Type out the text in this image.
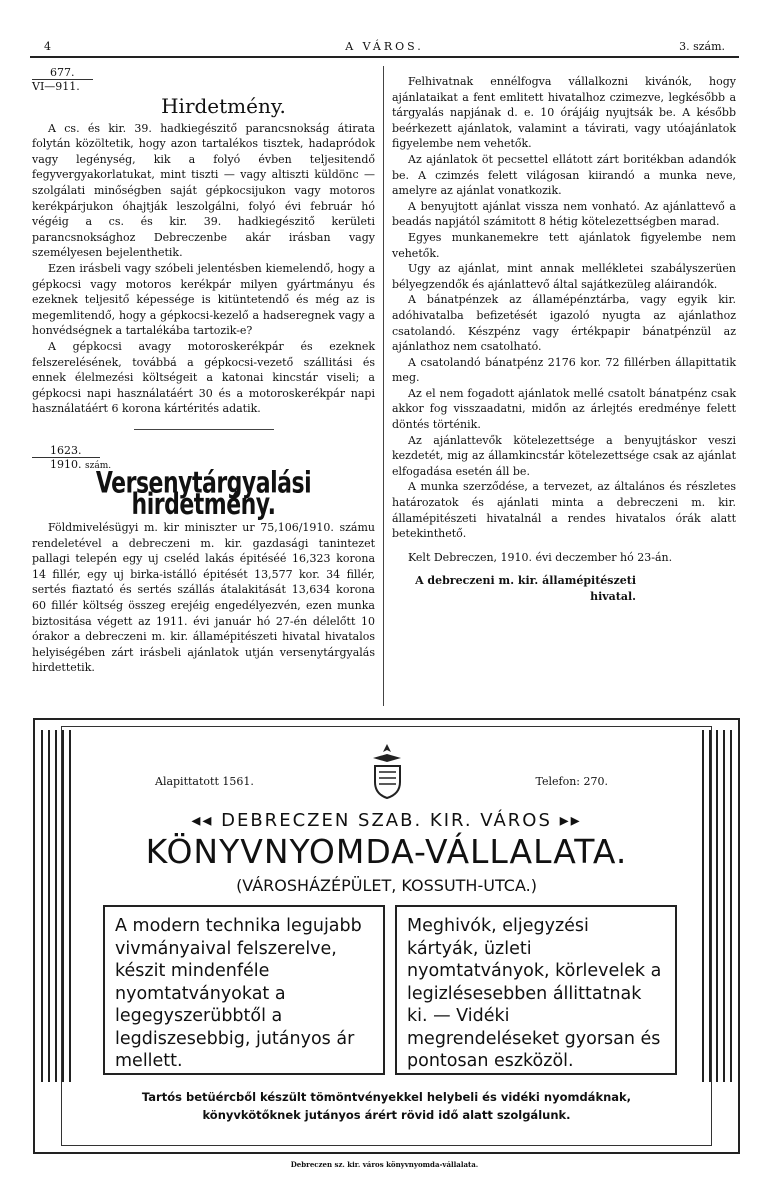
4	A VÁROS.	3. szám.
677.
VI—911.
Hirdetmény.

A cs. és kir. 39. hadkiegészitő parancsnokság átirata folytán közöltetik, hogy azon tartalékos tisztek, hadapródok vagy legénység, kik a folyó évben teljesitendő fegyvergyakorlatukat, mint tiszti — vagy altiszti küldönc — szolgálati minőségben saját gépkocsijukon vagy motoros kerékpárjukon óhajtják leszolgálni, folyó évi február hó végéig a cs. és kir. 39. hadkiegészitő kerületi parancsnoksághoz Debreczenbe akár irásban vagy személyesen bejelenthetik.

Ezen irásbeli vagy szóbeli jelentésben kiemelendő, hogy a gépkocsi vagy motoros kerékpár milyen gyártmányu és ezeknek teljesitő képessége is kitüntetendő és még az is megemlitendő, hogy a gépkocsi-kezelő a hadseregnek vagy a honvédségnek a tartalékába tartozik-e?

A gépkocsi avagy motoroskerékpár és ezeknek felszerelésének, továbbá a gépkocsi-vezető szállitási és ennek élelmezési költségeit a katonai kincstár viseli; a gépkocsi napi használatáért 30 és a motoroskerékpár napi használatáért 6 korona kártérités adatik.

1623.
1910. szám.
Versenytárgyalási hirdetmény.

Földmivelésügyi m. kir miniszter ur 75,106/1910. számu rendeletével a debreczeni m. kir. gazdasági tanintezet pallagi telepén egy uj cseléd lakás épitéséé 16,323 korona 14 fillér, egy uj birka-istálló épitését 13,577 kor. 34 fillér, sertés fiaztató és sertés szállás átalakitását 13,634 korona 60 fillér költség összeg erejéig engedélyezvén, ezen munka biztositása végett az 1911. évi január hó 27-én délelőtt 10 órakor a debreczeni m. kir. államépitészeti hivatal hivatalos helyiségében zárt irásbeli ajánlatok utján versenytárgyalás hirdettetik.

Felhivatnak ennélfogva vállalkozni kivánók, hogy ajánlataikat a fent emlitett hivatalhoz czimezve, legkésőbb a tárgyalás napjának d. e. 10 órájáig nyujtsák be. A később beérkezett ajánlatok, valamint a távirati, vagy utóajánlatok figyelembe nem vehetők.

Az ajánlatok öt pecsettel ellátott zárt boritékban adandók be. A czimzés felett világosan kiirandó a munka neve, amelyre az ajánlat vonatkozik.

A benyujtott ajánlat vissza nem vonható. Az ajánlattevő a beadás napjától számitott 8 hétig kötelezettségben marad.

Egyes munkanemekre tett ajánlatok figyelembe nem vehetők.

Ugy az ajánlat, mint annak mellékletei szabályszerüen bélyegzendők és ajánlattevő által sajátkezüleg aláirandók.

A bánatpénzek az államépénztárba, vagy egyik kir. adóhivatalba befizetését igazoló nyugta az ajánlathoz csatolandó. Készpénz vagy értékpapir bánatpénzül az ajánlathoz nem csatolható.

A csatolandó bánatpénz 2176 kor. 72 fillérben állapittatik meg.

Az el nem fogadott ajánlatok mellé csatolt bánatpénz csak akkor fog visszaadatni, midőn az árlejtés eredménye felett döntés történik.

Az ajánlattevők kötelezettsége a benyujtáskor veszi kezdetét, mig az államkincstár kötelezettsége csak az ajánlat elfogadása esetén áll be.

A munka szerződése, a tervezet, az általános és részletes határozatok és ajánlati minta a debreczeni m. kir. államépitészeti hivatalnál a rendes hivatalos órák alatt betekinthető.

Kelt Debreczen, 1910. évi deczember hó 23-án.

A debreczeni m. kir. államépitészeti
hivatal.
Alapittatott 1561.	Telefon: 270.
◂◂ DEBRECZEN SZAB. KIR. VÁROS ▸▸
KÖNYVNYOMDA-VÁLLALATA.
(VÁROSHÁZÉPÜLET, KOSSUTH-UTCA.)
A modern technika legujabb vivmányaival felszerelve, készit mindenféle nyomtatványokat a legegyszerübbtől a legdiszesebbig, jutányos ár mellett.
Meghivók, eljegyzési kártyák, üzleti nyomtatványok, körlevelek a legizlésesebben állittatnak ki. — Vidéki megrendeléseket gyorsan és pontosan eszközöl.
Tartós betüércből készült tömöntvényekkel helybeli és vidéki nyomdáknak, könyvkötőknek jutányos árért rövid idő alatt szolgálunk.
Debreczen sz. kir. város könyvnyomda-vállalata.
